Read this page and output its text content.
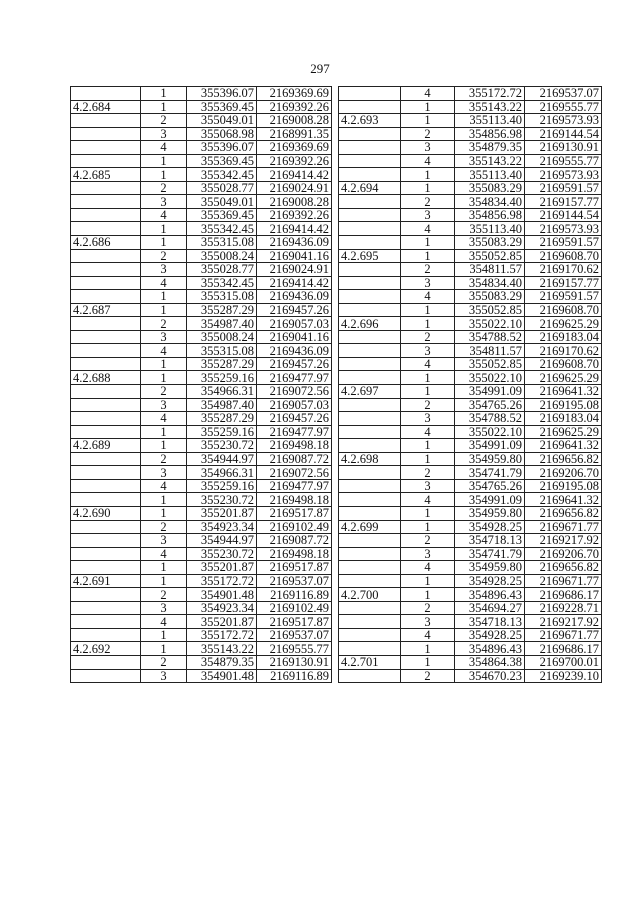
297
	1	355396.07	2169369.69
4.2.684	1	355369.45	2169392.26
	2	355049.01	2169008.28
	3	355068.98	2168991.35
	4	355396.07	2169369.69
	1	355369.45	2169392.26
4.2.685	1	355342.45	2169414.42
	2	355028.77	2169024.91
	3	355049.01	2169008.28
	4	355369.45	2169392.26
	1	355342.45	2169414.42
4.2.686	1	355315.08	2169436.09
	2	355008.24	2169041.16
	3	355028.77	2169024.91
	4	355342.45	2169414.42
	1	355315.08	2169436.09
4.2.687	1	355287.29	2169457.26
	2	354987.40	2169057.03
	3	355008.24	2169041.16
	4	355315.08	2169436.09
	1	355287.29	2169457.26
4.2.688	1	355259.16	2169477.97
	2	354966.31	2169072.56
	3	354987.40	2169057.03
	4	355287.29	2169457.26
	1	355259.16	2169477.97
4.2.689	1	355230.72	2169498.18
	2	354944.97	2169087.72
	3	354966.31	2169072.56
	4	355259.16	2169477.97
	1	355230.72	2169498.18
4.2.690	1	355201.87	2169517.87
	2	354923.34	2169102.49
	3	354944.97	2169087.72
	4	355230.72	2169498.18
	1	355201.87	2169517.87
4.2.691	1	355172.72	2169537.07
	2	354901.48	2169116.89
	3	354923.34	2169102.49
	4	355201.87	2169517.87
	1	355172.72	2169537.07
4.2.692	1	355143.22	2169555.77
	2	354879.35	2169130.91
	3	354901.48	2169116.89
	4	355172.72	2169537.07
	1	355143.22	2169555.77
4.2.693	1	355113.40	2169573.93
	2	354856.98	2169144.54
	3	354879.35	2169130.91
	4	355143.22	2169555.77
	1	355113.40	2169573.93
4.2.694	1	355083.29	2169591.57
	2	354834.40	2169157.77
	3	354856.98	2169144.54
	4	355113.40	2169573.93
	1	355083.29	2169591.57
4.2.695	1	355052.85	2169608.70
	2	354811.57	2169170.62
	3	354834.40	2169157.77
	4	355083.29	2169591.57
	1	355052.85	2169608.70
4.2.696	1	355022.10	2169625.29
	2	354788.52	2169183.04
	3	354811.57	2169170.62
	4	355052.85	2169608.70
	1	355022.10	2169625.29
4.2.697	1	354991.09	2169641.32
	2	354765.26	2169195.08
	3	354788.52	2169183.04
	4	355022.10	2169625.29
	1	354991.09	2169641.32
4.2.698	1	354959.80	2169656.82
	2	354741.79	2169206.70
	3	354765.26	2169195.08
	4	354991.09	2169641.32
	1	354959.80	2169656.82
4.2.699	1	354928.25	2169671.77
	2	354718.13	2169217.92
	3	354741.79	2169206.70
	4	354959.80	2169656.82
	1	354928.25	2169671.77
4.2.700	1	354896.43	2169686.17
	2	354694.27	2169228.71
	3	354718.13	2169217.92
	4	354928.25	2169671.77
	1	354896.43	2169686.17
4.2.701	1	354864.38	2169700.01
	2	354670.23	2169239.10
